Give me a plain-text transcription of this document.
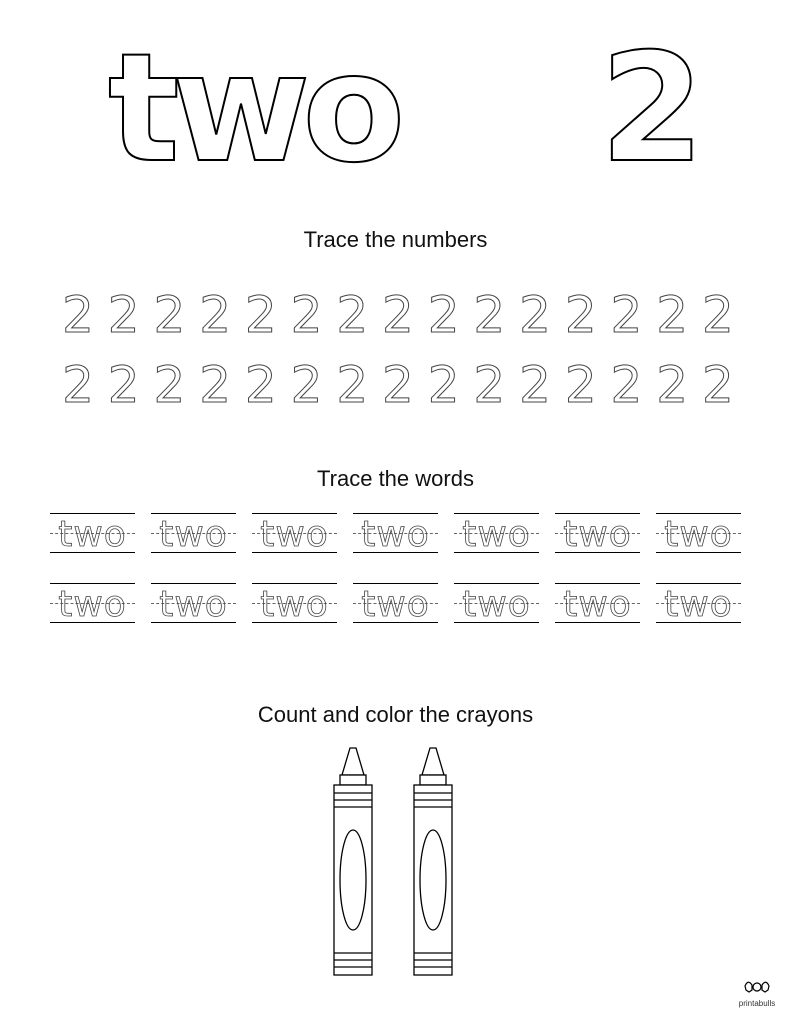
two 2
Trace the numbers
2 2 2 2 2 2 2 2 2 2 2 2 2 2 2
2 2 2 2 2 2 2 2 2 2 2 2 2 2 2
Trace the words
two two two two two two two
two two two two two two two
Count and color the crayons
printabulls
